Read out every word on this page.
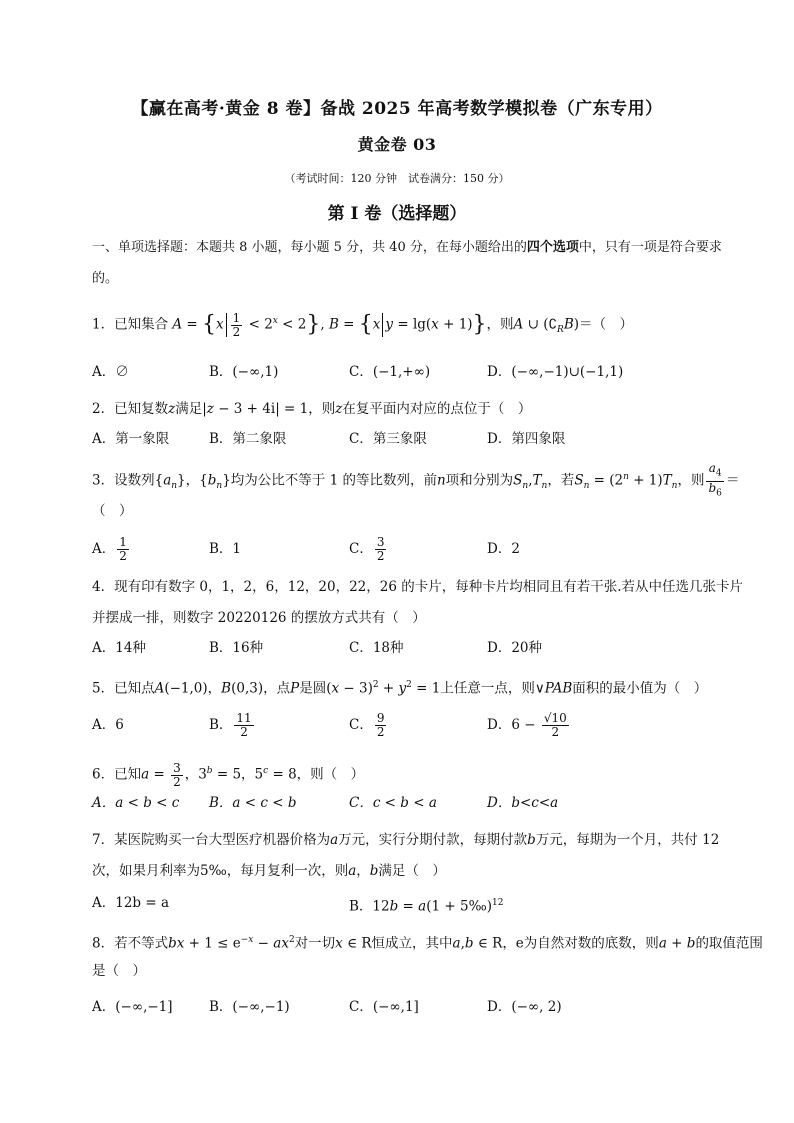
【赢在高考·黄金 8 卷】备战 2025 年高考数学模拟卷（广东专用）
黄金卷 03
（考试时间：120 分钟　试卷满分：150 分）
第 I 卷（选择题）
一、单项选择题：本题共 8 小题，每小题 5 分，共 40 分，在每小题给出的四个选项中，只有一项是符合要求的。
1．已知集合 $A = \{x \frac{1}{2} < 2^x < 2\}$, B = {x y = lg(x + 1)}，则A ∪ $(∁_RB)=$（　）
A．∅	B．(−∞,1)	C．(−1,+∞)	D．(−∞,−1)∪(−1,1)
2．已知复数z满足|z − 3 + 4i| = 1，则z在复平面内对应的点位于（　）
A．第一象限	B．第二象限	C．第三象限	D．第四象限
3．设数列$\{a_n\}$，$\{b_n\}$均为公比不等于 1 的等比数列，前n项和分别为$S_n,T_n$，若$S_n = (2^n + 1)T_n$，则 $\frac{a_4}{b_6}$ ＝
（　）
A． $\frac{1}{2}$	B．1	C． $\frac{3}{2}$	D．2
4．现有印有数字 0，1，2，6，12，20，22，26 的卡片，每种卡片均相同且有若干张.若从中任选几张卡片
并摆成一排，则数字 20220126 的摆放方式共有（　）
A．14种	B．16种	C．18种	D．20种
5．已知点A(−1,0)，B(0,3)，点P是圆$(x - 3)^2 + y^2 = 1$上任意一点，则∨PAB面积的最小值为（　）
A．6	B． $\frac{11}{2}$	C． $\frac{9}{2}$	D．$6 - \frac{√10}{2}$
6．已知$a = \frac{3}{2}$ ，$3^b = 5$，$5^c = 8$，则（　）
A．a < b < c B．a < c < b	C．c < b < a	D．b<c<a
7．某医院购买一台大型医疗机器价格为a万元，实行分期付款，每期付款b万元，每期为一个月，共付 12
次，如果月利率为5‰，每月复利一次，则a，b满足（　）
A．12b = a	B．12b = a(1 + 5‰)$^{12}$
8．若不等式bx + $1 \le e^{-x} - ax^2$对一切x ∈ R恒成立，其中a,b ∈ R，e为自然对数的底数，则a + b的取值范围
是（　）
A．(−∞,−1]	B．(−∞,−1)	C．(−∞,1]	D．(−∞, 2)
